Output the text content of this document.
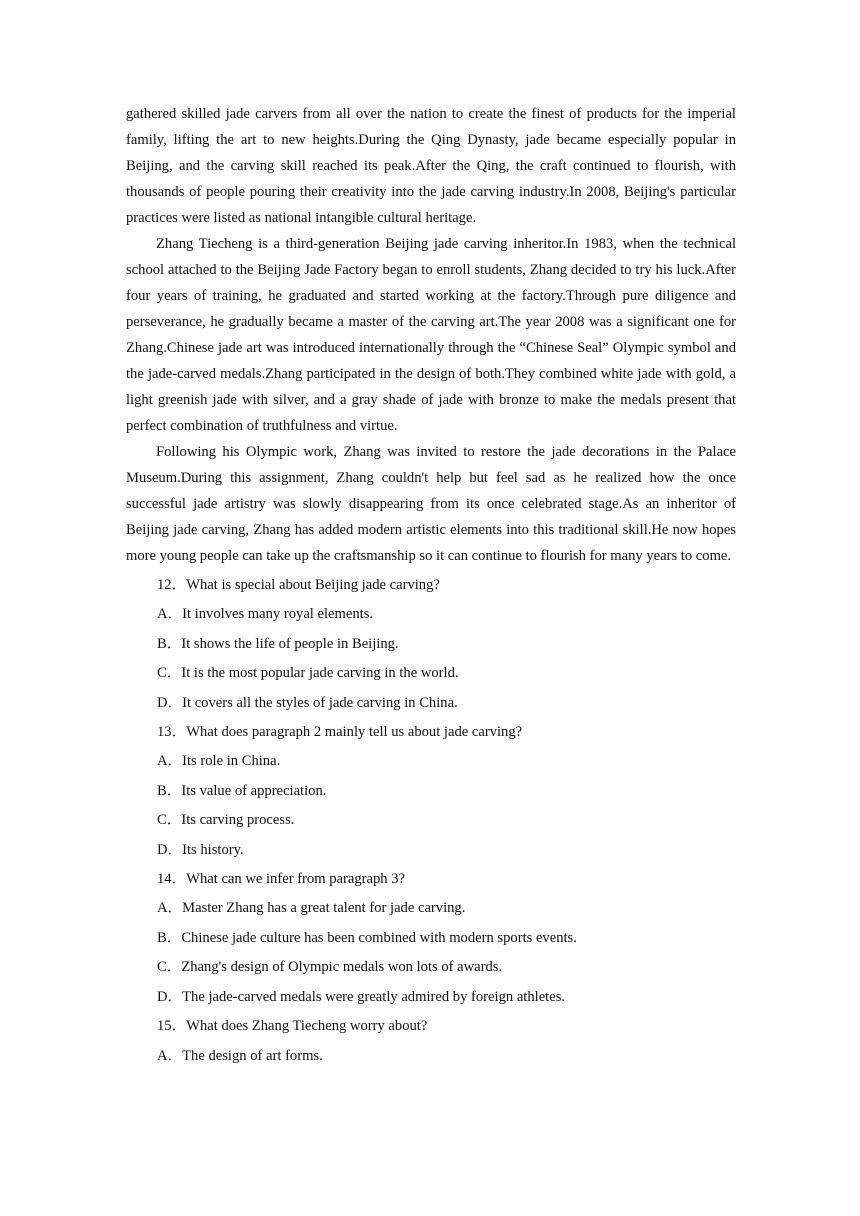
gathered skilled jade carvers from all over the nation to create the finest of products for the imperial family, lifting the art to new heights.During the Qing Dynasty, jade became especially popular in Beijing, and the carving skill reached its peak.After the Qing, the craft continued to flourish, with thousands of people pouring their creativity into the jade carving industry.In 2008, Beijing's particular practices were listed as national intangible cultural heritage.

Zhang Tiecheng is a third-generation Beijing jade carving inheritor.In 1983, when the technical school attached to the Beijing Jade Factory began to enroll students, Zhang decided to try his luck.After four years of training, he graduated and started working at the factory.Through pure diligence and perseverance, he gradually became a master of the carving art.The year 2008 was a significant one for Zhang.Chinese jade art was introduced internationally through the “Chinese Seal” Olympic symbol and the jade-carved medals.Zhang participated in the design of both.They combined white jade with gold, a light greenish jade with silver, and a gray shade of jade with bronze to make the medals present that perfect combination of truthfulness and virtue.

Following his Olympic work, Zhang was invited to restore the jade decorations in the Palace Museum.During this assignment, Zhang couldn't help but feel sad as he realized how the once successful jade artistry was slowly disappearing from its once celebrated stage.As an inheritor of Beijing jade carving, Zhang has added modern artistic elements into this traditional skill.He now hopes more young people can take up the craftsmanship so it can continue to flourish for many years to come.

12．What is special about Beijing jade carving?

A．It involves many royal elements.

B．It shows the life of people in Beijing.

C．It is the most popular jade carving in the world.

D．It covers all the styles of jade carving in China.

13．What does paragraph 2 mainly tell us about jade carving?

A．Its role in China.

B．Its value of appreciation.

C．Its carving process.

D．Its history.

14．What can we infer from paragraph 3?

A．Master Zhang has a great talent for jade carving.

B．Chinese jade culture has been combined with modern sports events.

C．Zhang's design of Olympic medals won lots of awards.

D．The jade-carved medals were greatly admired by foreign athletes.

15．What does Zhang Tiecheng worry about?

A．The design of art forms.
